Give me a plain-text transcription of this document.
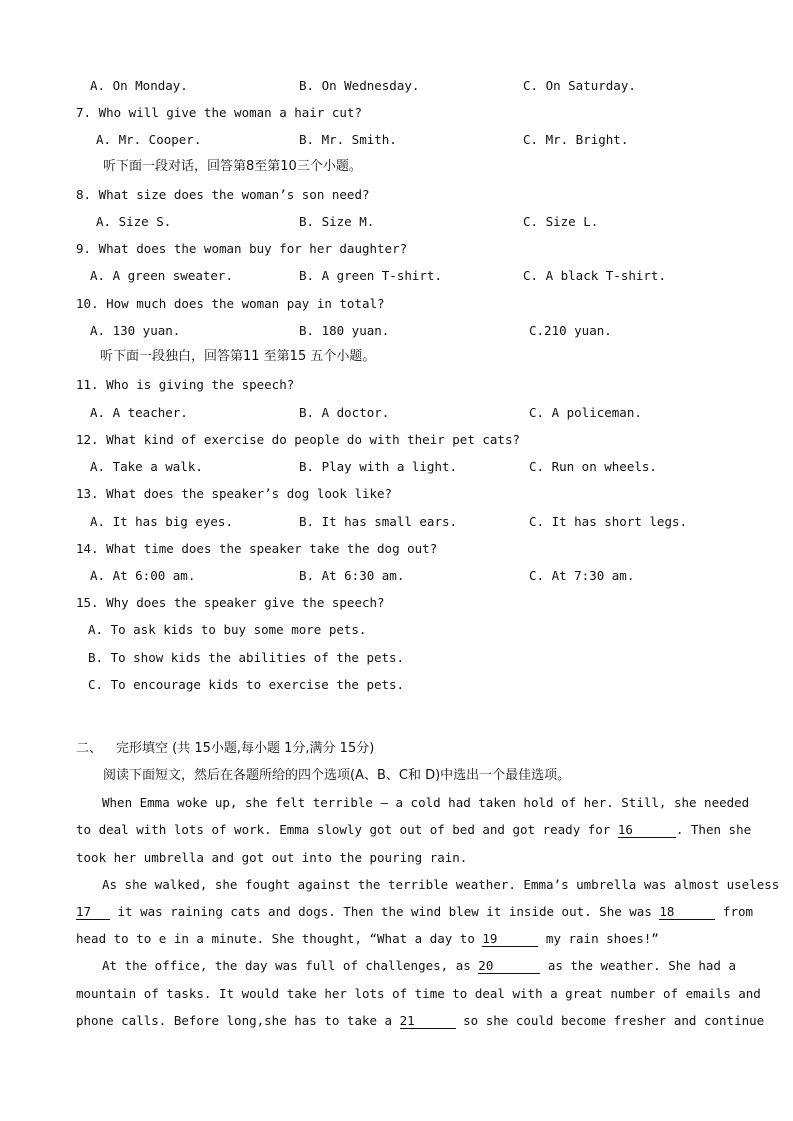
A. On Monday.	B. On Wednesday.	C. On Saturday.
7. Who will give the woman a hair cut?
A. Mr. Cooper.	B. Mr. Smith.	C. Mr. Bright.
听下面一段对话，回答第8至第10三个小题。
8. What size does the woman’s son need?
A. Size S.	B. Size M.	C. Size L.
9. What does the woman buy for her daughter?
A. A green sweater.	B. A green T-shirt.	C. A black T-shirt.
10. How much does the woman pay in total?
A. 130 yuan.	B. 180 yuan.	C.210 yuan.
听下面一段独白，回答第11 至第15 五个小题。
11. Who is giving the speech?
A. A teacher.	B. A doctor.	C. A policeman.
12. What kind of exercise do people do with their pet cats?
A. Take a walk.	B. Play with a light.	C. Run on wheels.
13. What does the speaker’s dog look like?
A. It has big eyes.	B. It has small ears.	C. It has short legs.
14. What time does the speaker take the dog out?
A. At 6:00 am.	B. At 6:30 am.	C. At 7:30 am.
15. Why does the speaker give the speech?
A. To ask kids to buy some more pets.
B. To show kids the abilities of the pets.
C. To encourage kids to exercise the pets.
二、 完形填空 (共 15小题,每小题 1分,满分 15分)
阅读下面短文，然后在各题所给的四个选项(A、B、C和 D)中选出一个最佳选项。
When Emma woke up, she felt terrible — a cold had taken hold of her. Still, she needed
to deal with lots of work. Emma slowly got out of bed and got ready for 16	. Then she
took her umbrella and got out into the pouring rain.
As she walked, she fought against the terrible weather. Emma’s umbrella was almost useless
17 it was raining cats and dogs. Then the wind blew it inside out. She was 18	from
head to to e in a minute. She thought, “What a day to 19	my rain shoes!”
At the office, the day was full of challenges, as 20	as the weather. She had a
mountain of tasks. It would take her lots of time to deal with a great number of emails and
phone calls. Before long,she has to take a 21	so she could become fresher and continue
